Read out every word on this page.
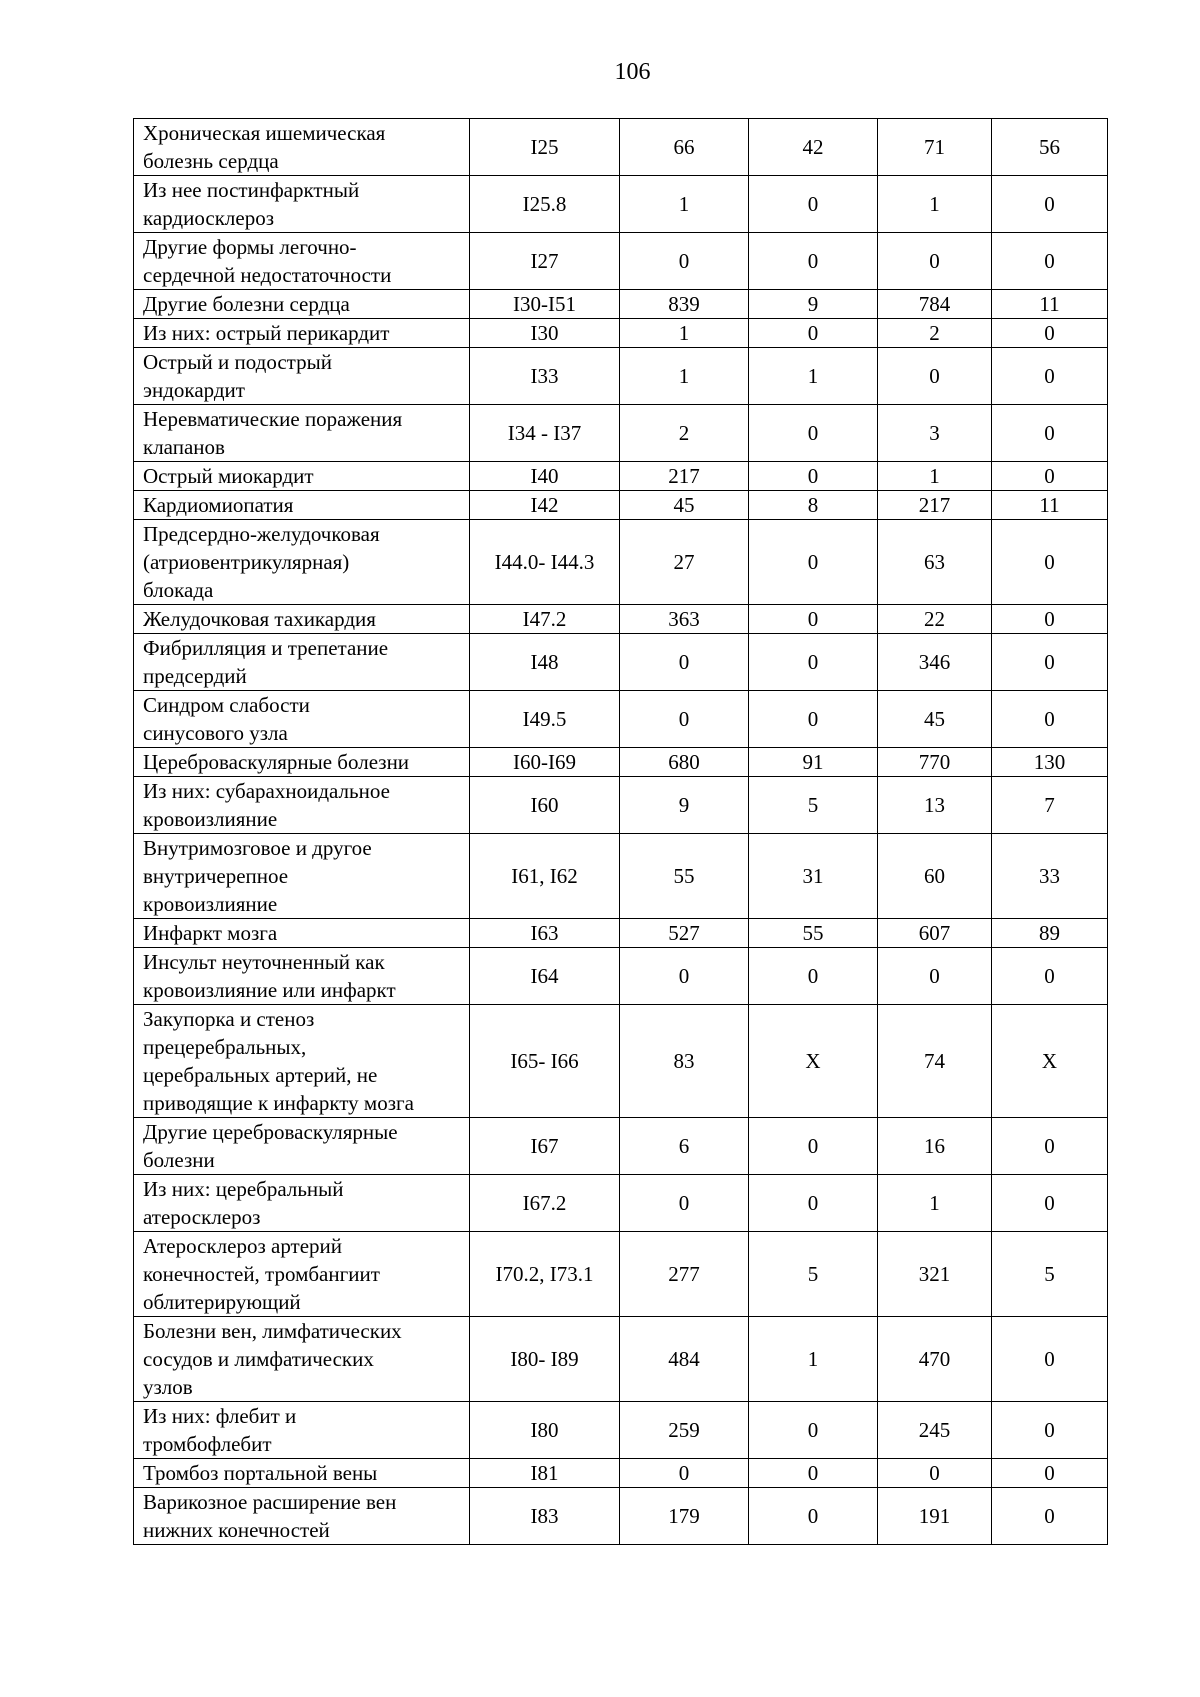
106
Хроническая ишемическая
болезнь сердца	I25	66	42	71	56
Из нее постинфарктный
кардиосклероз	I25.8	1	0	1	0
Другие формы легочно-
сердечной недостаточности	I27	0	0	0	0
Другие болезни сердца	I30-I51	839	9	784	11
Из них: острый перикардит	I30	1	0	2	0
Острый и подострый
эндокардит	I33	1	1	0	0
Неревматические поражения
клапанов	I34 - I37	2	0	3	0
Острый миокардит	I40	217	0	1	0
Кардиомиопатия	I42	45	8	217	11
Предсердно-желудочковая
(атриовентрикулярная)
блокада	I44.0- I44.3	27	0	63	0
Желудочковая тахикардия	I47.2	363	0	22	0
Фибрилляция и трепетание
предсердий	I48	0	0	346	0
Синдром слабости
синусового узла	I49.5	0	0	45	0
Цереброваскулярные болезни	I60-I69	680	91	770	130
Из них: субарахноидальное
кровоизлияние	I60	9	5	13	7
Внутримозговое и другое
внутричерепное
кровоизлияние	I61, I62	55	31	60	33
Инфаркт мозга	I63	527	55	607	89
Инсульт неуточненный как
кровоизлияние или инфаркт	I64	0	0	0	0
Закупорка и стеноз
прецеребральных,
церебральных артерий, не
приводящие к инфаркту мозга	I65- I66	83	X	74	X
Другие цереброваскулярные
болезни	I67	6	0	16	0
Из них: церебральный
атеросклероз	I67.2	0	0	1	0
Атеросклероз артерий
конечностей, тромбангиит
облитерирующий	I70.2, I73.1	277	5	321	5
Болезни вен, лимфатических
сосудов и лимфатических
узлов	I80- I89	484	1	470	0
Из них: флебит и
тромбофлебит	I80	259	0	245	0
Тромбоз портальной вены	I81	0	0	0	0
Варикозное расширение вен
нижних конечностей	I83	179	0	191	0
